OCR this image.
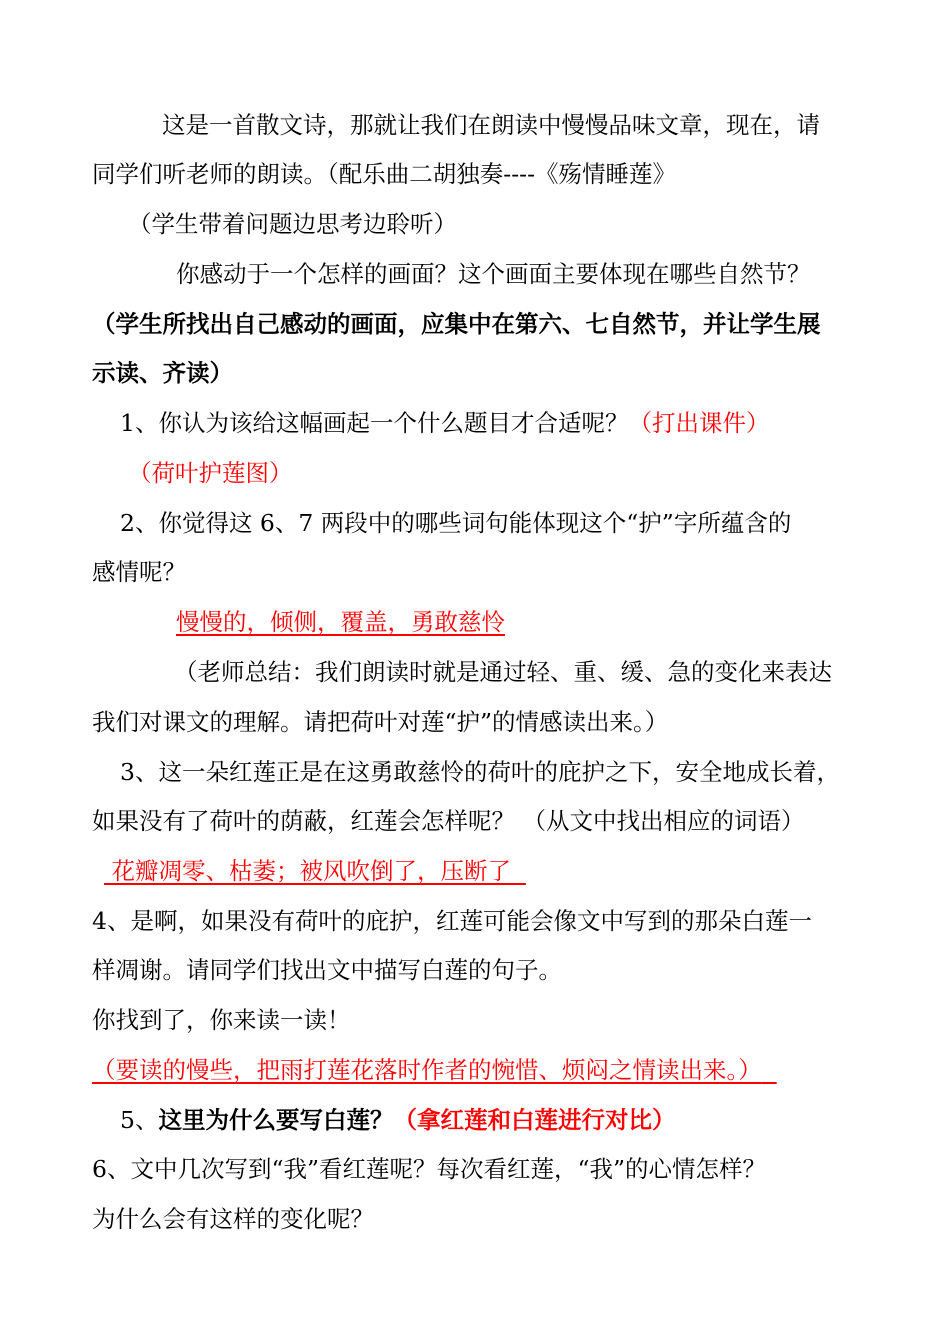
这是一首散文诗，那就让我们在朗读中慢慢品味文章，现在，请
同学们听老师的朗读。（配乐曲二胡独奏----《殇情睡莲》
（学生带着问题边思考边聆听）
你感动于一个怎样的画面？这个画面主要体现在哪些自然节？
（学生所找出自己感动的画面，应集中在第六、七自然节，并让学生展
示读、齐读）
1、你认为该给这幅画起一个什么题目才合适呢？（打出课件）
（荷叶护莲图）
2、你觉得这 6、7 两段中的哪些词句能体现这个“护”字所蕴含的
感情呢？
慢慢的，倾侧，覆盖，勇敢慈怜
（老师总结：我们朗读时就是通过轻、重、缓、急的变化来表达
我们对课文的理解。请把荷叶对莲“护”的情感读出来。）
3、这一朵红莲正是在这勇敢慈怜的荷叶的庇护之下，安全地成长着，
如果没有了荷叶的荫蔽，红莲会怎样呢？ （从文中找出相应的词语）
花瓣凋零、枯萎；被风吹倒了，压断了
4、是啊，如果没有荷叶的庇护，红莲可能会像文中写到的那朵白莲一
样凋谢。请同学们找出文中描写白莲的句子。
你找到了，你来读一读！
（要读的慢些，把雨打莲花落时作者的惋惜、烦闷之情读出来。）
5、这里为什么要写白莲？（拿红莲和白莲进行对比）
6、文中几次写到“我”看红莲呢？每次看红莲，“我”的心情怎样？
为什么会有这样的变化呢？
